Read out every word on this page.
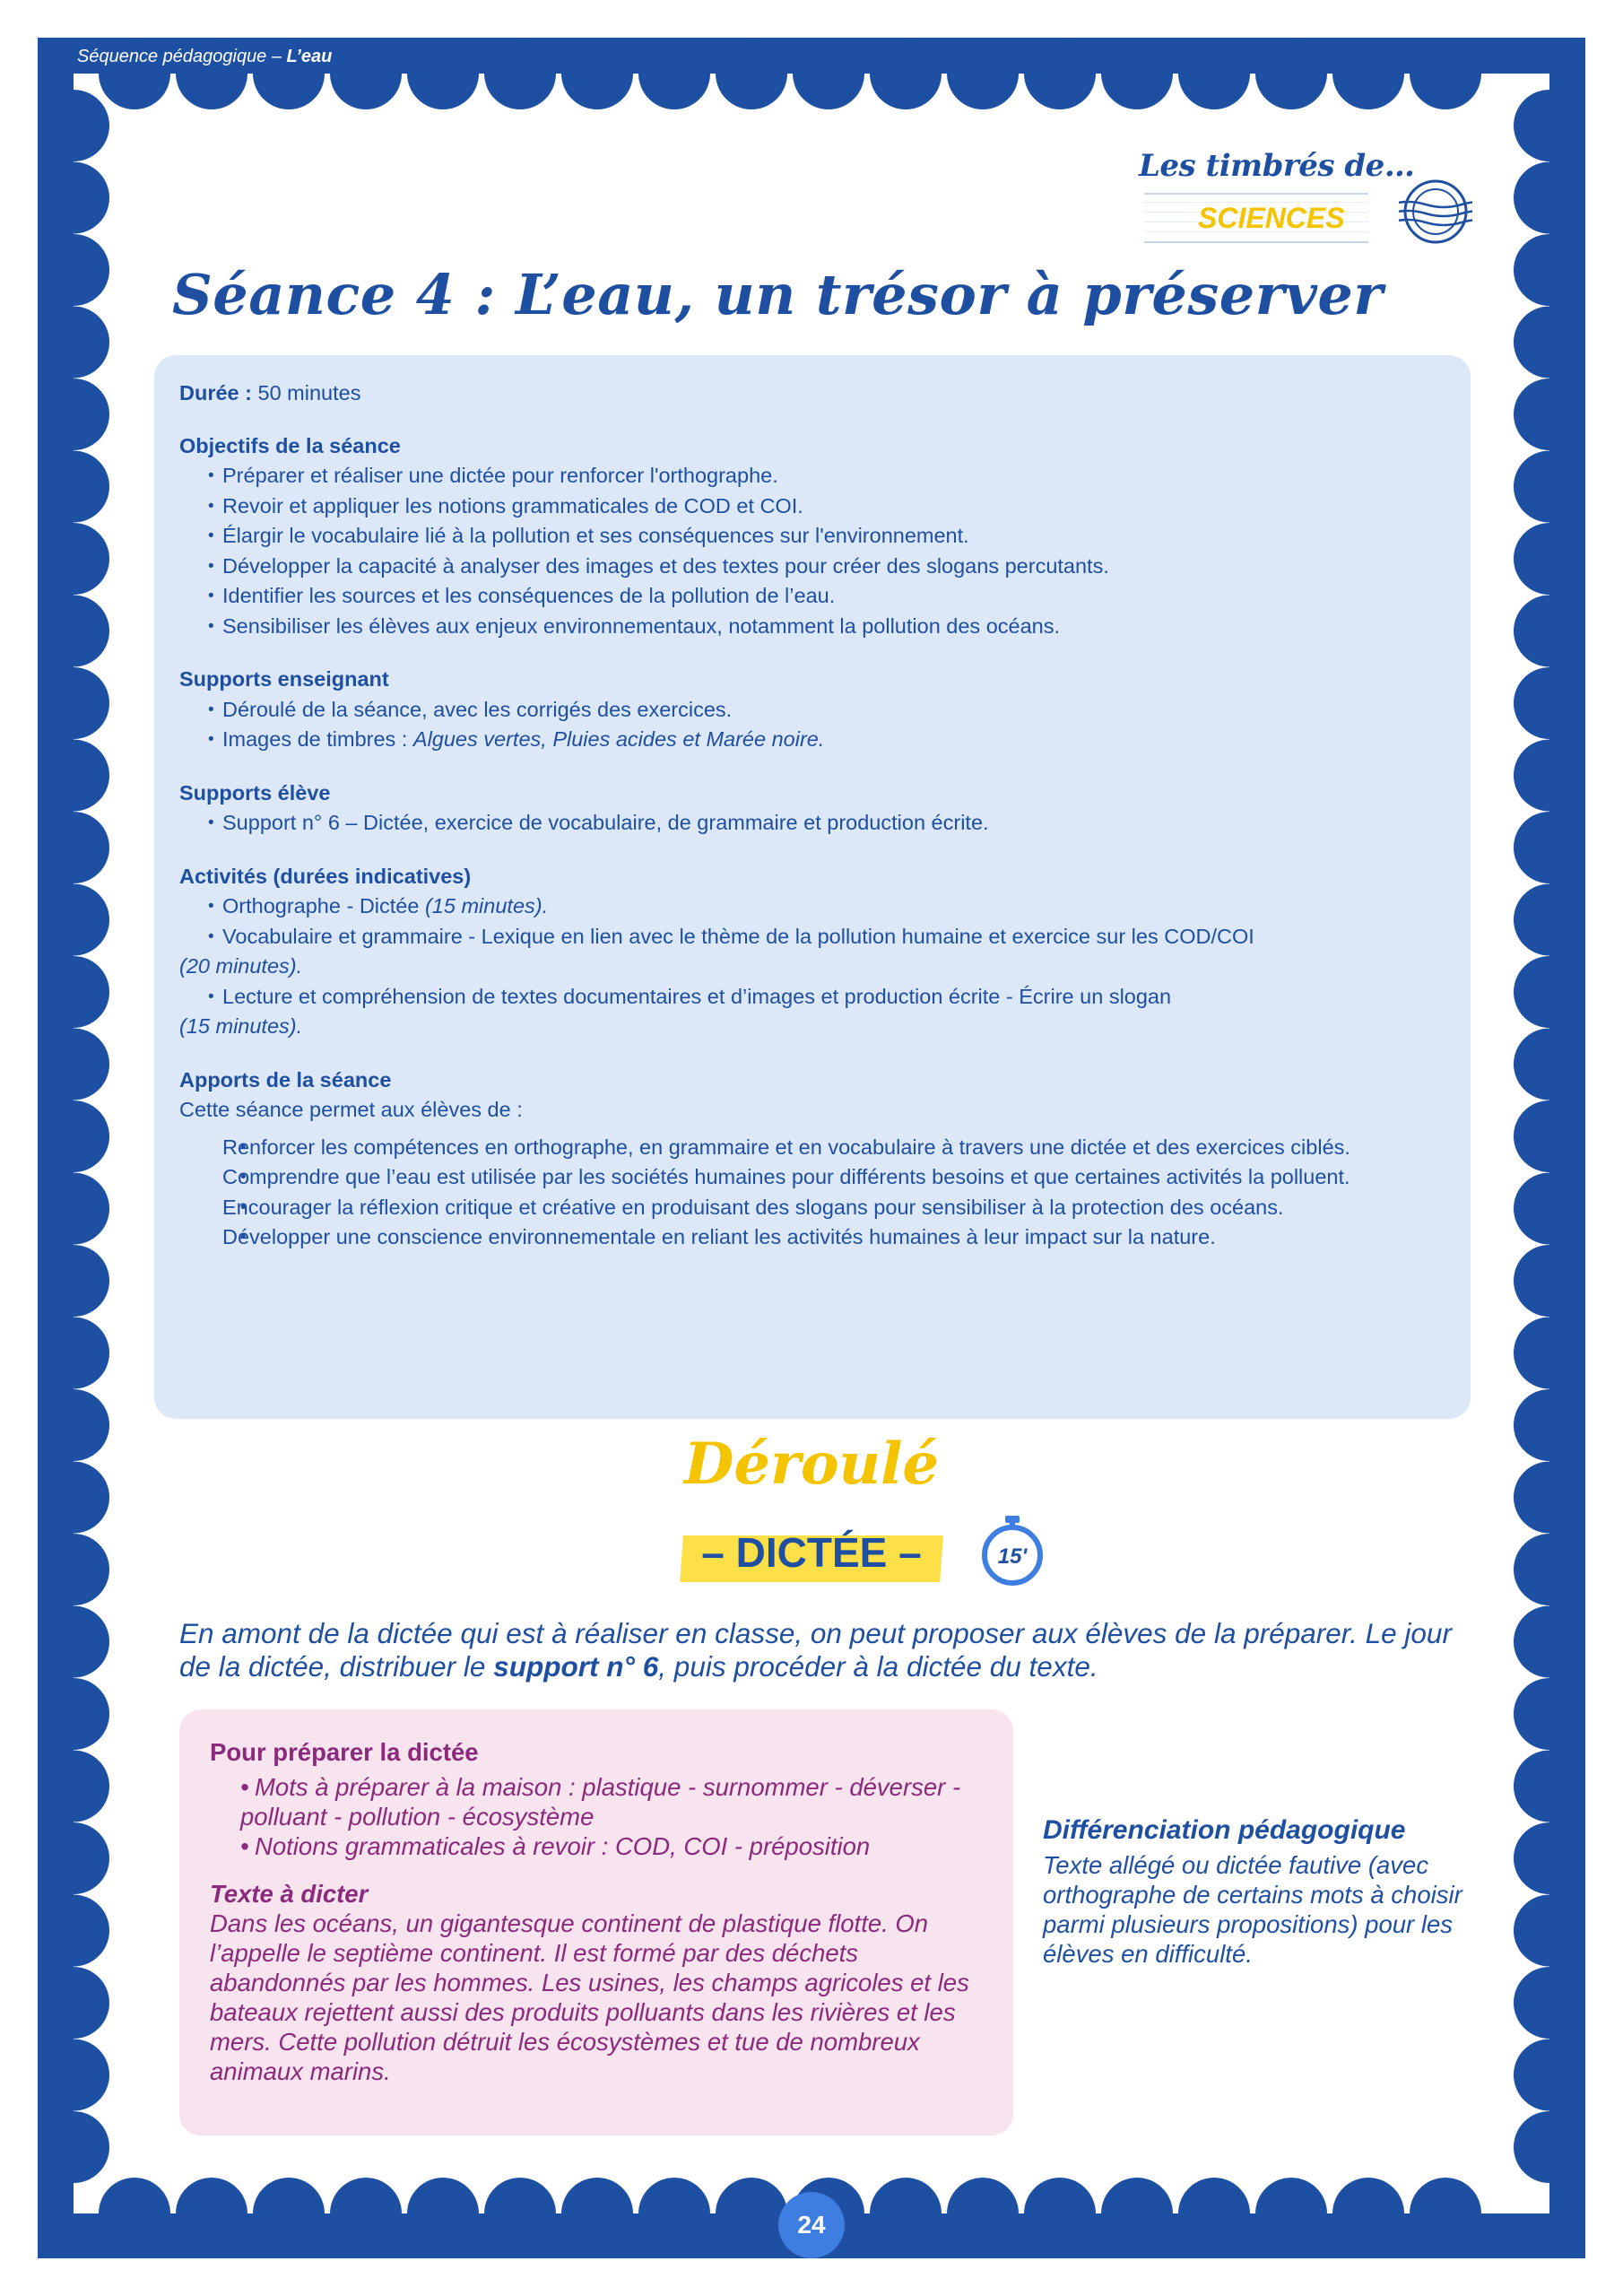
Séquence pédagogique – L’eau
Les timbrés de…
SCIENCES
Séance 4 : L’eau, un trésor à préserver

Durée : 50 minutes

Objectifs de la séance
• Préparer et réaliser une dictée pour renforcer l'orthographe.
• Revoir et appliquer les notions grammaticales de COD et COI.
• Élargir le vocabulaire lié à la pollution et ses conséquences sur l'environnement.
• Développer la capacité à analyser des images et des textes pour créer des slogans percutants.
• Identifier les sources et les conséquences de la pollution de l’eau.
• Sensibiliser les élèves aux enjeux environnementaux, notamment la pollution des océans.
Supports enseignant
• Déroulé de la séance, avec les corrigés des exercices.
• Images de timbres : Algues vertes, Pluies acides et Marée noire.
Supports élève
• Support n° 6 – Dictée, exercice de vocabulaire, de grammaire et production écrite.
Activités (durées indicatives)
• Orthographe - Dictée (15 minutes).
• Vocabulaire et grammaire - Lexique en lien avec le thème de la pollution humaine et exercice sur les COD/COI
(20 minutes).
• Lecture et compréhension de textes documentaires et d’images et production écrite - Écrire un slogan
(15 minutes).
Apports de la séance

Cette séance permet aux élèves de :

• Renforcer les compétences en orthographe, en grammaire et en vocabulaire à travers une dictée et des exercices ciblés.
• Comprendre que l’eau est utilisée par les sociétés humaines pour différents besoins et que certaines activités la polluent.
• Encourager la réflexion critique et créative en produisant des slogans pour sensibiliser à la protection des océans.
• Développer une conscience environnementale en reliant les activités humaines à leur impact sur la nature.
Déroulé
– DICTÉE –	15'
En amont de la dictée qui est à réaliser en classe, on peut proposer aux élèves de la préparer. Le jour de la dictée, distribuer le support n° 6, puis procéder à la dictée du texte.
Pour préparer la dictée
• Mots à préparer à la maison : plastique - surnommer - déverser - polluant - pollution - écosystème
• Notions grammaticales à revoir : COD, COI - préposition
Texte à dicter

Dans les océans, un gigantesque continent de plastique flotte. On l’appelle le septième continent. Il est formé par des déchets abandonnés par les hommes. Les usines, les champs agricoles et les bateaux rejettent aussi des produits polluants dans les rivières et les mers. Cette pollution détruit les écosystèmes et tue de nombreux animaux marins.

Différenciation pédagogique

Texte allégé ou dictée fautive (avec orthographe de certains mots à choisir parmi plusieurs propositions) pour les élèves en difficulté.

24
